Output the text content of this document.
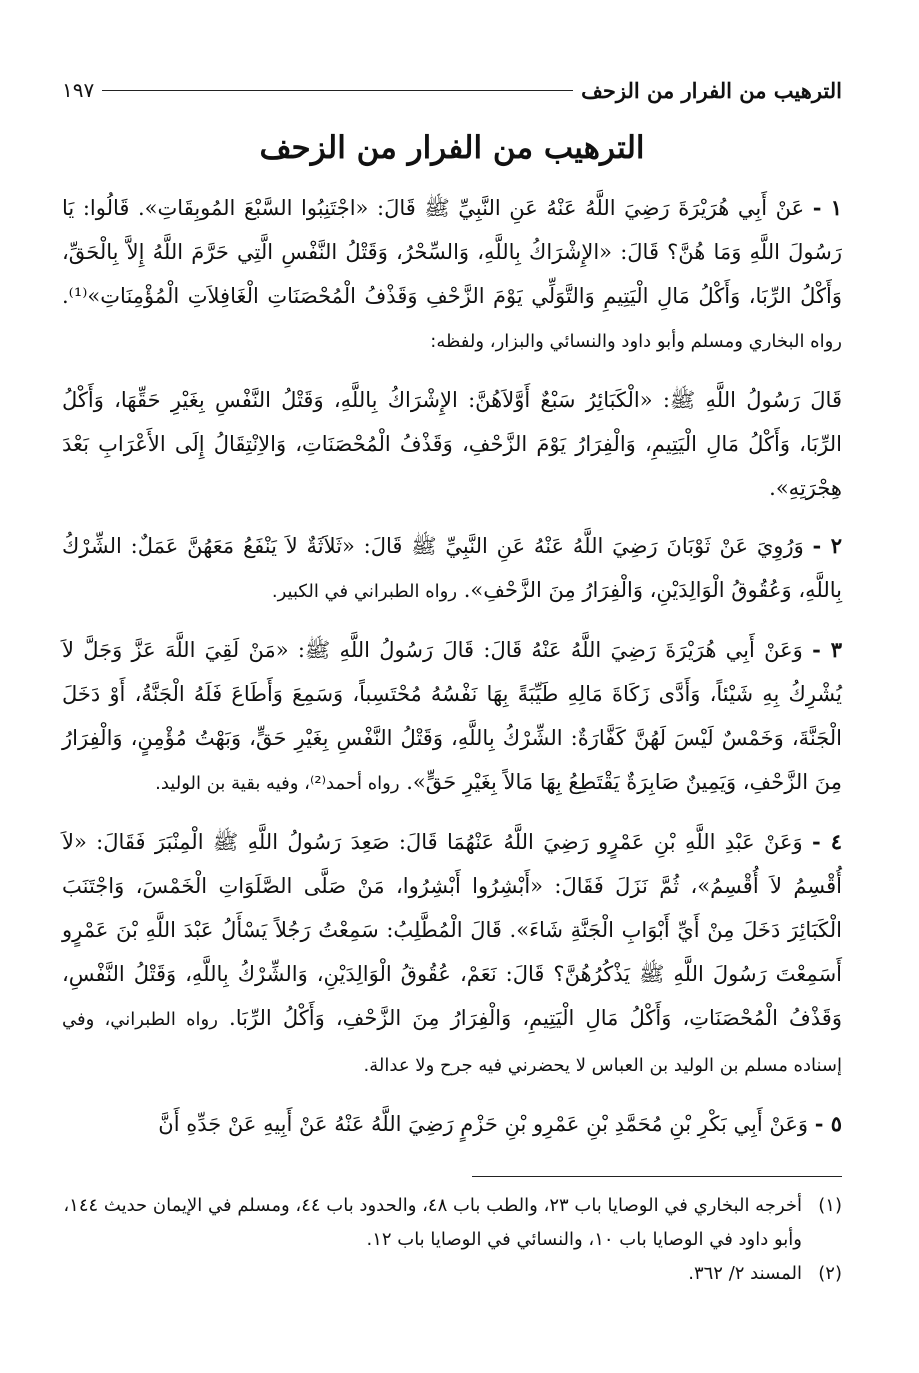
الترهيب من الفرار من الزحف
١٩٧
الترهيب من الفرار من الزحف

١ - عَنْ أَبِي هُرَيْرَةَ رَضِيَ اللَّهُ عَنْهُ عَنِ النَّبِيِّ ﷺ قَالَ: «اجْتَنِبُوا السَّبْعَ المُوبِقَاتِ». قَالُوا: يَا رَسُولَ اللَّهِ وَمَا هُنَّ؟ قَالَ: «الإِشْرَاكُ بِاللَّهِ، وَالسِّحْرُ، وَقَتْلُ النَّفْسِ الَّتِي حَرَّمَ اللَّهُ إِلاَّ بِالْحَقِّ، وَأَكْلُ الرِّبَا، وَأَكْلُ مَالِ الْيَتِيمِ وَالتَّوَلِّي يَوْمَ الزَّحْفِ وَقَذْفُ الْمُحْصَنَاتِ الْغَافِلاَتِ الْمُؤْمِنَاتِ»⁽¹⁾. رواه البخاري ومسلم وأبو داود والنسائي والبزار، ولفظه:

قَالَ رَسُولُ اللَّهِ ﷺ: «الْكَبَائِرُ سَبْعٌ أَوَّلاَهُنَّ: الإِشْرَاكُ بِاللَّهِ، وَقَتْلُ النَّفْسِ بِغَيْرِ حَقِّهَا، وَأَكْلُ الرِّبَا، وَأَكْلُ مَالِ الْيَتِيمِ، وَالْفِرَارُ يَوْمَ الزَّحْفِ، وَقَذْفُ الْمُحْصَنَاتِ، وَالاِنْتِقَالُ إِلَى الأَعْرَابِ بَعْدَ هِجْرَتِهِ».

٢ - وَرُوِيَ عَنْ ثَوْبَانَ رَضِيَ اللَّهُ عَنْهُ عَنِ النَّبِيِّ ﷺ قَالَ: «ثَلاَثَةٌ لاَ يَنْفَعُ مَعَهُنَّ عَمَلٌ: الشِّرْكُ بِاللَّهِ، وَعُقُوقُ الْوَالِدَيْنِ، وَالْفِرَارُ مِنَ الزَّحْفِ». رواه الطبراني في الكبير.

٣ - وَعَنْ أَبِي هُرَيْرَةَ رَضِيَ اللَّهُ عَنْهُ قَالَ: قَالَ رَسُولُ اللَّهِ ﷺ: «مَنْ لَقِيَ اللَّهَ عَزَّ وَجَلَّ لاَ يُشْرِكُ بِهِ شَيْئاً، وَأَدَّى زَكَاةَ مَالِهِ طَيِّبَةً بِهَا نَفْسُهُ مُحْتَسِباً، وَسَمِعَ وَأَطَاعَ فَلَهُ الْجَنَّةُ، أَوْ دَخَلَ الْجَنَّةَ، وَخَمْسٌ لَيْسَ لَهُنَّ كَفَّارَةٌ: الشِّرْكُ بِاللَّهِ، وَقَتْلُ النَّفْسِ بِغَيْرِ حَقٍّ، وَبَهْتُ مُؤْمِنٍ، وَالْفِرَارُ مِنَ الزَّحْفِ، وَيَمِينٌ صَابِرَةٌ يَقْتَطِعُ بِهَا مَالاً بِغَيْرِ حَقٍّ». رواه أحمد⁽²⁾، وفيه بقية بن الوليد.

٤ - وَعَنْ عَبْدِ اللَّهِ بْنِ عَمْرٍو رَضِيَ اللَّهُ عَنْهُمَا قَالَ: صَعِدَ رَسُولُ اللَّهِ ﷺ الْمِنْبَرَ فَقَالَ: «لاَ أُقْسِمُ لاَ أُقْسِمُ»، ثُمَّ نَزَلَ فَقَالَ: «أَبْشِرُوا أَبْشِرُوا، مَنْ صَلَّى الصَّلَوَاتِ الْخَمْسَ، وَاجْتَنَبَ الْكَبَائِرَ دَخَلَ مِنْ أَيِّ أَبْوَابِ الْجَنَّةِ شَاءَ». قَالَ الْمُطَّلِبُ: سَمِعْتُ رَجُلاً يَسْأَلُ عَبْدَ اللَّهِ بْنَ عَمْرٍو أَسَمِعْتَ رَسُولَ اللَّهِ ﷺ يَذْكُرُهُنَّ؟ قَالَ: نَعَمْ، عُقُوقُ الْوَالِدَيْنِ، وَالشِّرْكُ بِاللَّهِ، وَقَتْلُ النَّفْسِ، وَقَذْفُ الْمُحْصَنَاتِ، وَأَكْلُ مَالِ الْيَتِيمِ، وَالْفِرَارُ مِنَ الزَّحْفِ، وَأَكْلُ الرِّبَا. رواه الطبراني، وفي إسناده مسلم بن الوليد بن العباس لا يحضرني فيه جرح ولا عدالة.

٥ - وَعَنْ أَبِي بَكْرِ بْنِ مُحَمَّدِ بْنِ عَمْرِو بْنِ حَزْمٍ رَضِيَ اللَّهُ عَنْهُ عَنْ أَبِيهِ عَنْ جَدِّهِ أَنَّ

(١)
أخرجه البخاري في الوصايا باب ٢٣، والطب باب ٤٨، والحدود باب ٤٤، ومسلم في الإيمان حديث ١٤٤، وأبو داود في الوصايا باب ١٠، والنسائي في الوصايا باب ١٢.
(٢)
المسند ٢/ ٣٦٢.
